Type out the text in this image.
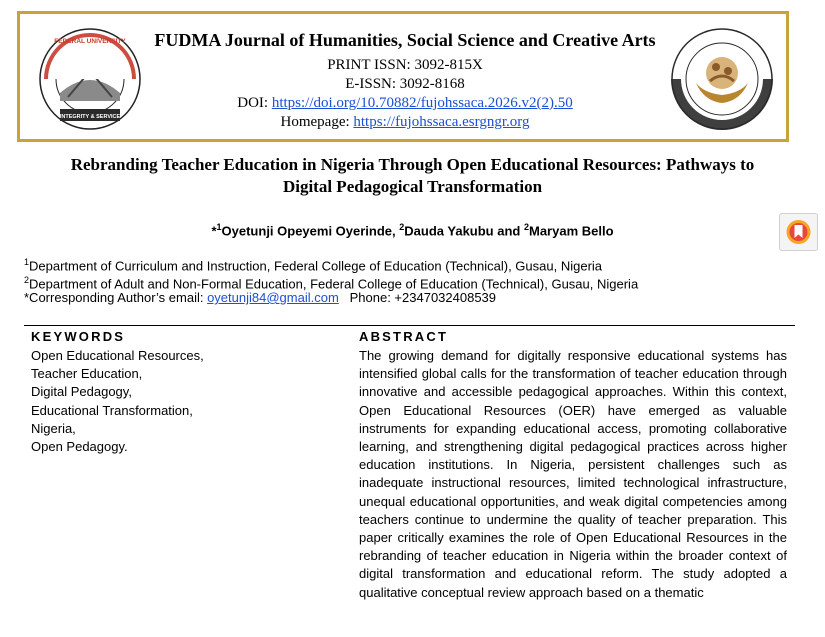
FEDERAL UNIVERSITY
INTEGRITY & SERVICE
FUDMA Journal of Humanities, Social Science and Creative Arts
PRINT ISSN: 3092-815X
E-ISSN: 3092-8168
DOI: https://doi.org/10.70882/fujohssaca.2026.v2(2).50
Homepage: https://fujohssaca.esrgngr.org
Rebranding Teacher Education in Nigeria Through Open Educational Resources: Pathways to
Digital Pedagogical Transformation
*$^1$Oyetunji Opeyemi Oyerinde, $^2$Dauda Yakubu and $^2$Maryam Bello
$^1$Department of Curriculum and Instruction, Federal College of Education (Technical), Gusau, Nigeria
$^2$Department of Adult and Non-Formal Education, Federal College of Education (Technical), Gusau, Nigeria
*Corresponding Author’s email: oyetunji84@gmail.com   Phone: +2347032408539
KEYWORDS	ABSTRACT
Open Educational Resources,
Teacher Education,
Digital Pedagogy,
Educational Transformation,
Nigeria,
Open Pedagogy.
The growing demand for digitally responsive educational systems has intensified global calls for the transformation of teacher education through innovative and accessible pedagogical approaches. Within this context, Open Educational Resources (OER) have emerged as valuable instruments for expanding educational access, promoting collaborative learning, and strengthening digital pedagogical practices across higher education institutions. In Nigeria, persistent challenges such as inadequate instructional resources, limited technological infrastructure, unequal educational opportunities, and weak digital competencies among teachers continue to undermine the quality of teacher preparation. This paper critically examines the role of Open Educational Resources in the rebranding of teacher education in Nigeria within the broader context of digital transformation and educational reform. The study adopted a qualitative conceptual review approach based on a thematic
